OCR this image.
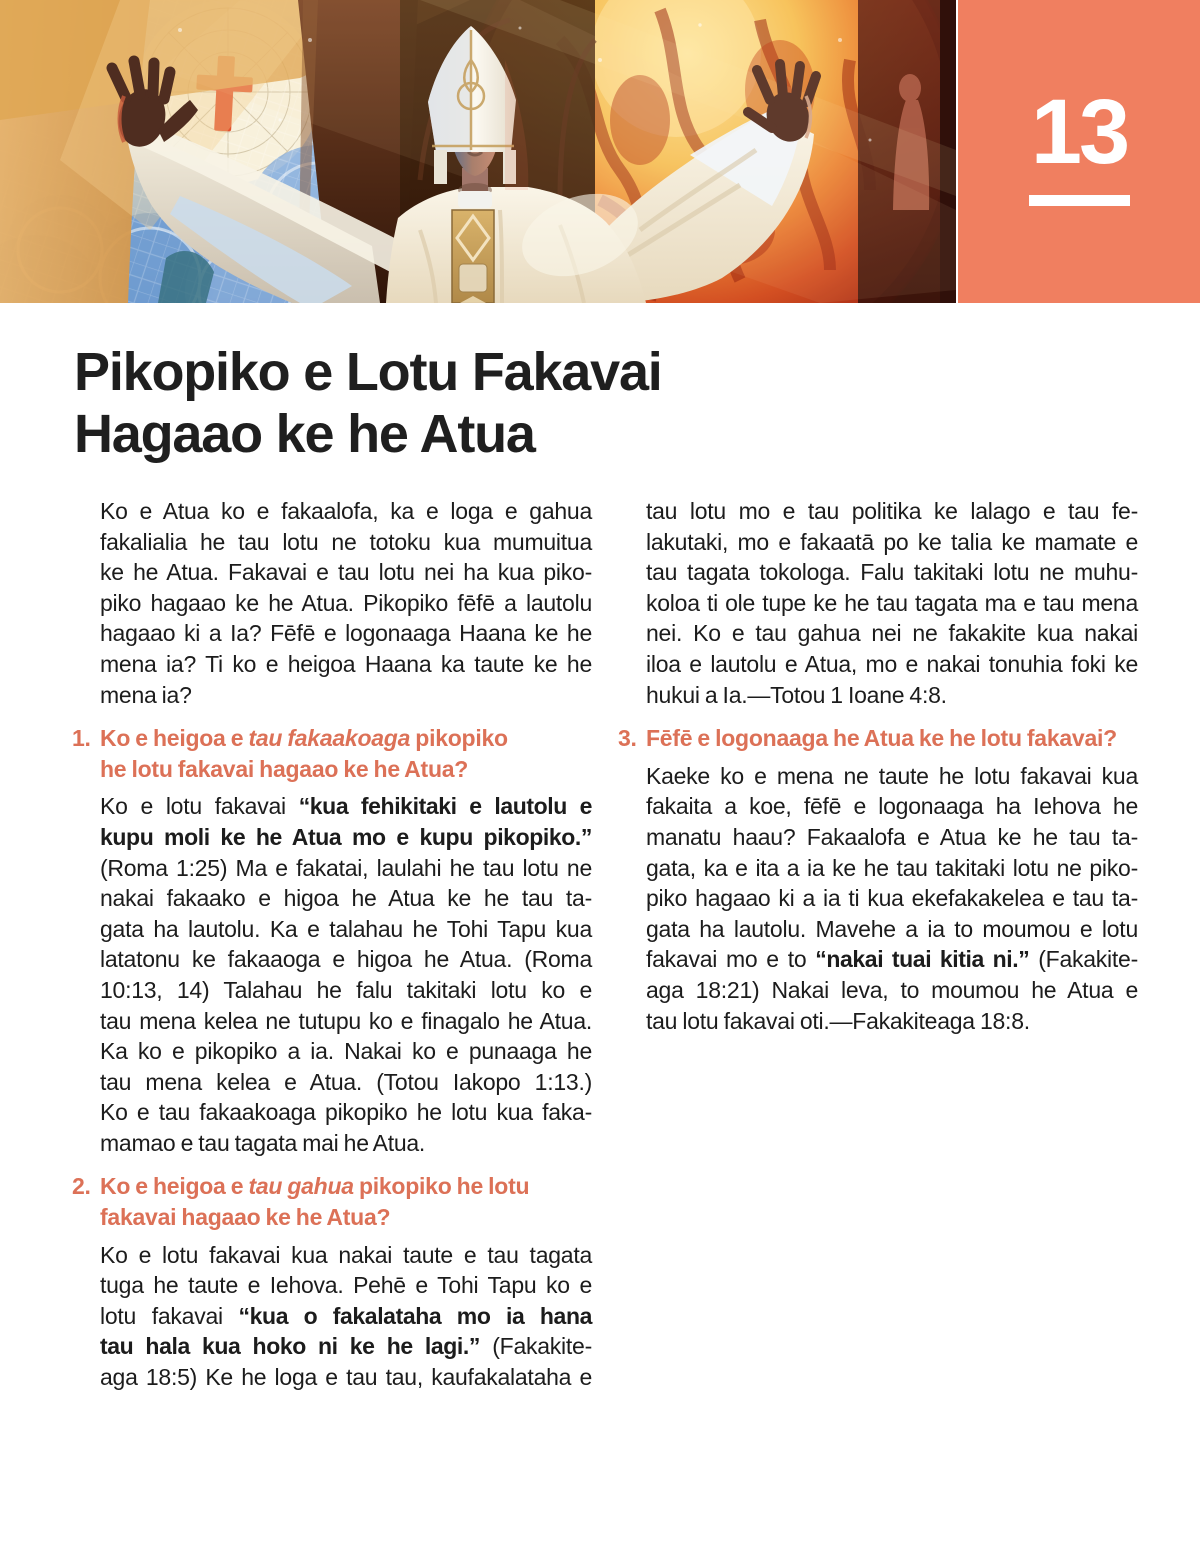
13
Pikopiko e Lotu Fakavai
Hagaao ke he Atua
Ko e Atua ko e fakaalofa, ka e loga e gahua
fakalialia he tau lotu ne totoku kua mumuitua
ke he Atua. Fakavai e tau lotu nei ha kua piko-
piko hagaao ke he Atua. Pikopiko fēfē a lautolu
hagaao ki a Ia? Fēfē e logonaaga Haana ke he
mena ia? Ti ko e heigoa Haana ka taute ke he
mena ia?
1. Ko e heigoa e tau fakaakoaga pikopiko
he lotu fakavai hagaao ke he Atua?
Ko e lotu fakavai “kua fehikitaki e lautolu e
kupu moli ke he Atua mo e kupu pikopiko.”
(Roma 1:25) Ma e fakatai, laulahi he tau lotu ne
nakai fakaako e higoa he Atua ke he tau ta-
gata ha lautolu. Ka e talahau he Tohi Tapu kua
latatonu ke fakaaoga e higoa he Atua. (Roma
10:13, 14) Talahau he falu takitaki lotu ko e
tau mena kelea ne tutupu ko e finagalo he Atua.
Ka ko e pikopiko a ia. Nakai ko e punaaga he
tau mena kelea e Atua. (Totou Iakopo 1:13.)
Ko e tau fakaakoaga pikopiko he lotu kua faka-
mamao e tau tagata mai he Atua.
2. Ko e heigoa e tau gahua pikopiko he lotu
fakavai hagaao ke he Atua?
Ko e lotu fakavai kua nakai taute e tau tagata
tuga he taute e Iehova. Pehē e Tohi Tapu ko e
lotu fakavai “kua o fakalataha mo ia hana
tau hala kua hoko ni ke he lagi.” (Fakakite-
aga 18:5) Ke he loga e tau tau, kaufakalataha e
tau lotu mo e tau politika ke lalago e tau fe-
lakutaki, mo e fakaatā po ke talia ke mamate e
tau tagata tokologa. Falu takitaki lotu ne muhu-
koloa ti ole tupe ke he tau tagata ma e tau mena
nei. Ko e tau gahua nei ne fakakite kua nakai
iloa e lautolu e Atua, mo e nakai tonuhia foki ke
hukui a Ia.—Totou 1 Ioane 4:8.
3. Fēfē e logonaaga he Atua ke he lotu fakavai?
Kaeke ko e mena ne taute he lotu fakavai kua
fakaita a koe, fēfē e logonaaga ha Iehova he
manatu haau? Fakaalofa e Atua ke he tau ta-
gata, ka e ita a ia ke he tau takitaki lotu ne piko-
piko hagaao ki a ia ti kua ekefakakelea e tau ta-
gata ha lautolu. Mavehe a ia to moumou e lotu
fakavai mo e to “nakai tuai kitia ni.” (Fakakite-
aga 18:21) Nakai leva, to moumou he Atua e
tau lotu fakavai oti.—Fakakiteaga 18:8.
